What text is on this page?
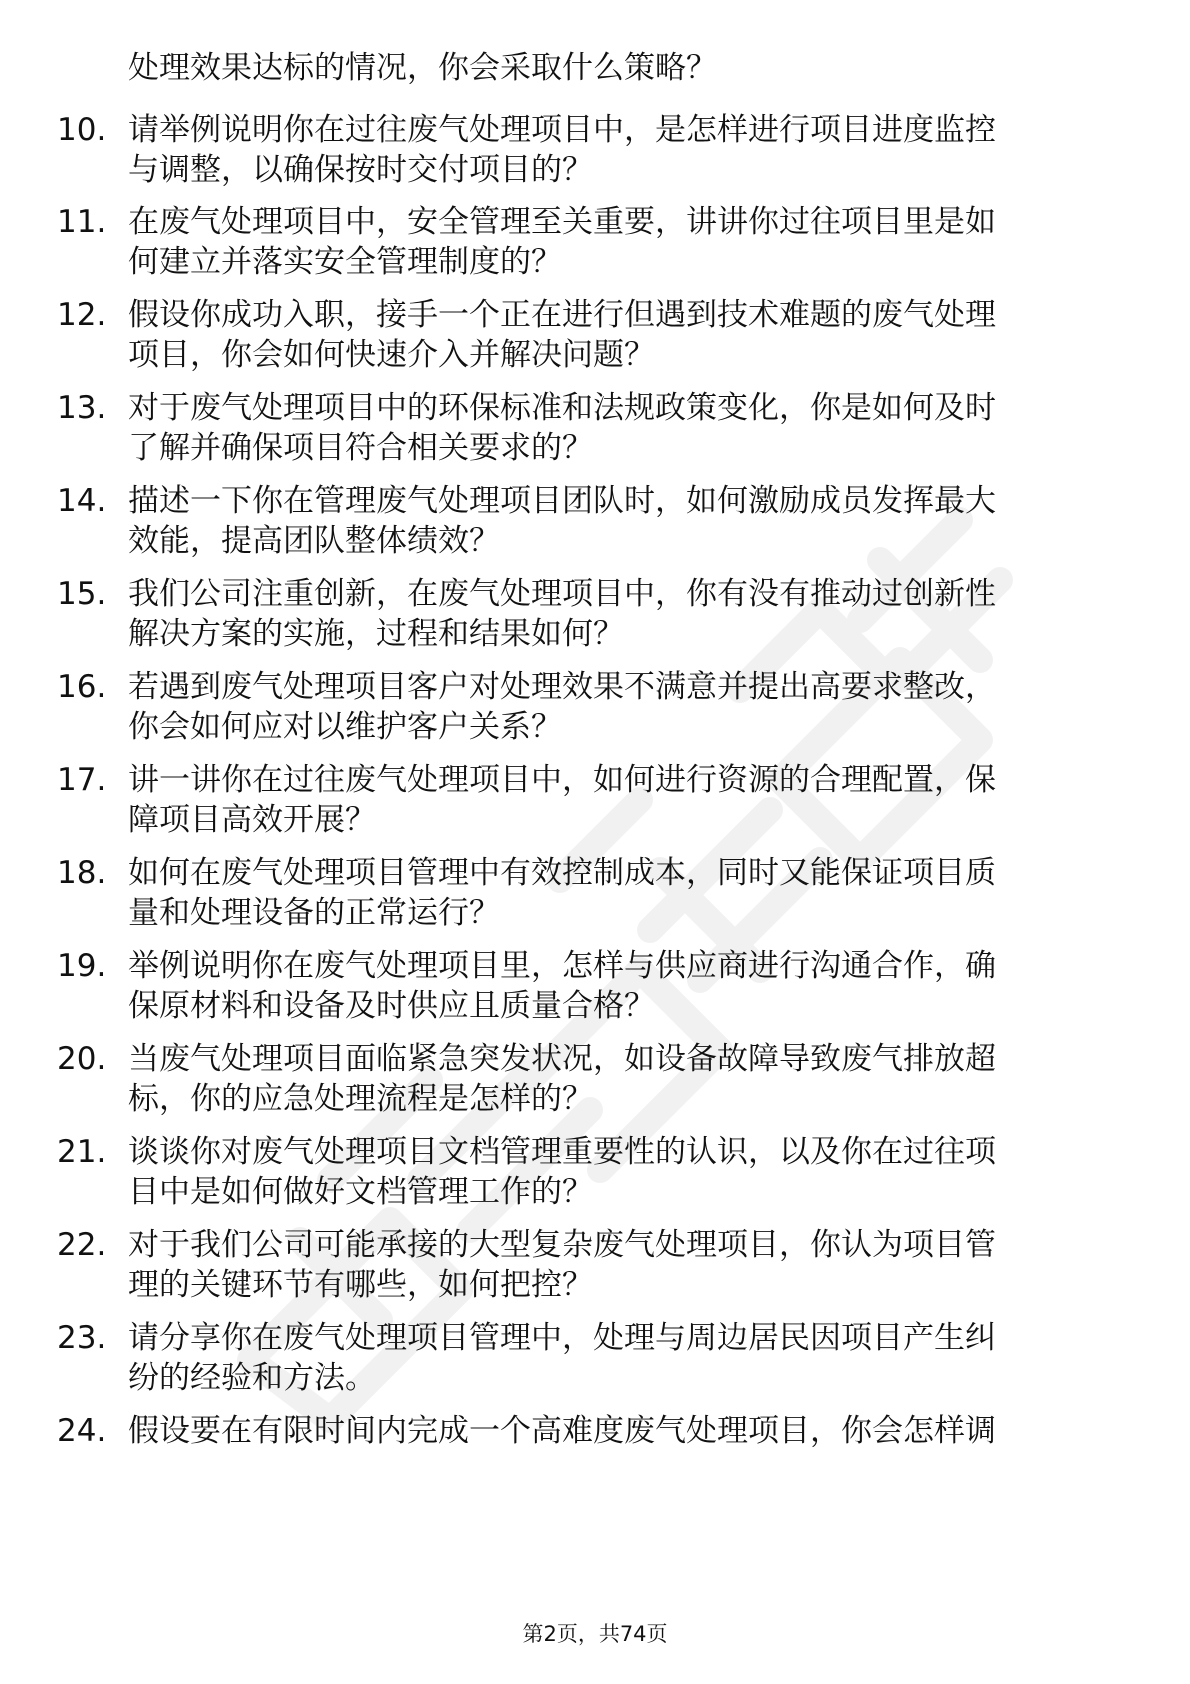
处理效果达标的情况，你会采取什么策略？
10. 请举例说明你在过往废气处理项目中，是怎样进行项目进度监控
与调整，以确保按时交付项目的？
11. 在废气处理项目中，安全管理至关重要，讲讲你过往项目里是如
何建立并落实安全管理制度的？
12. 假设你成功入职，接手一个正在进行但遇到技术难题的废气处理
项目，你会如何快速介入并解决问题？
13. 对于废气处理项目中的环保标准和法规政策变化，你是如何及时
了解并确保项目符合相关要求的？
14. 描述一下你在管理废气处理项目团队时，如何激励成员发挥最大
效能，提高团队整体绩效？
15. 我们公司注重创新，在废气处理项目中，你有没有推动过创新性
解决方案的实施，过程和结果如何？
16. 若遇到废气处理项目客户对处理效果不满意并提出高要求整改，
你会如何应对以维护客户关系？
17. 讲一讲你在过往废气处理项目中，如何进行资源的合理配置，保
障项目高效开展？
18. 如何在废气处理项目管理中有效控制成本，同时又能保证项目质
量和处理设备的正常运行？
19. 举例说明你在废气处理项目里，怎样与供应商进行沟通合作，确
保原材料和设备及时供应且质量合格？
20. 当废气处理项目面临紧急突发状况，如设备故障导致废气排放超
标，你的应急处理流程是怎样的？
21. 谈谈你对废气处理项目文档管理重要性的认识，以及你在过往项
目中是如何做好文档管理工作的？
22. 对于我们公司可能承接的大型复杂废气处理项目，你认为项目管
理的关键环节有哪些，如何把控？
23. 请分享你在废气处理项目管理中，处理与周边居民因项目产生纠
纷的经验和方法。
24. 假设要在有限时间内完成一个高难度废气处理项目，你会怎样调
第2页，共74页
